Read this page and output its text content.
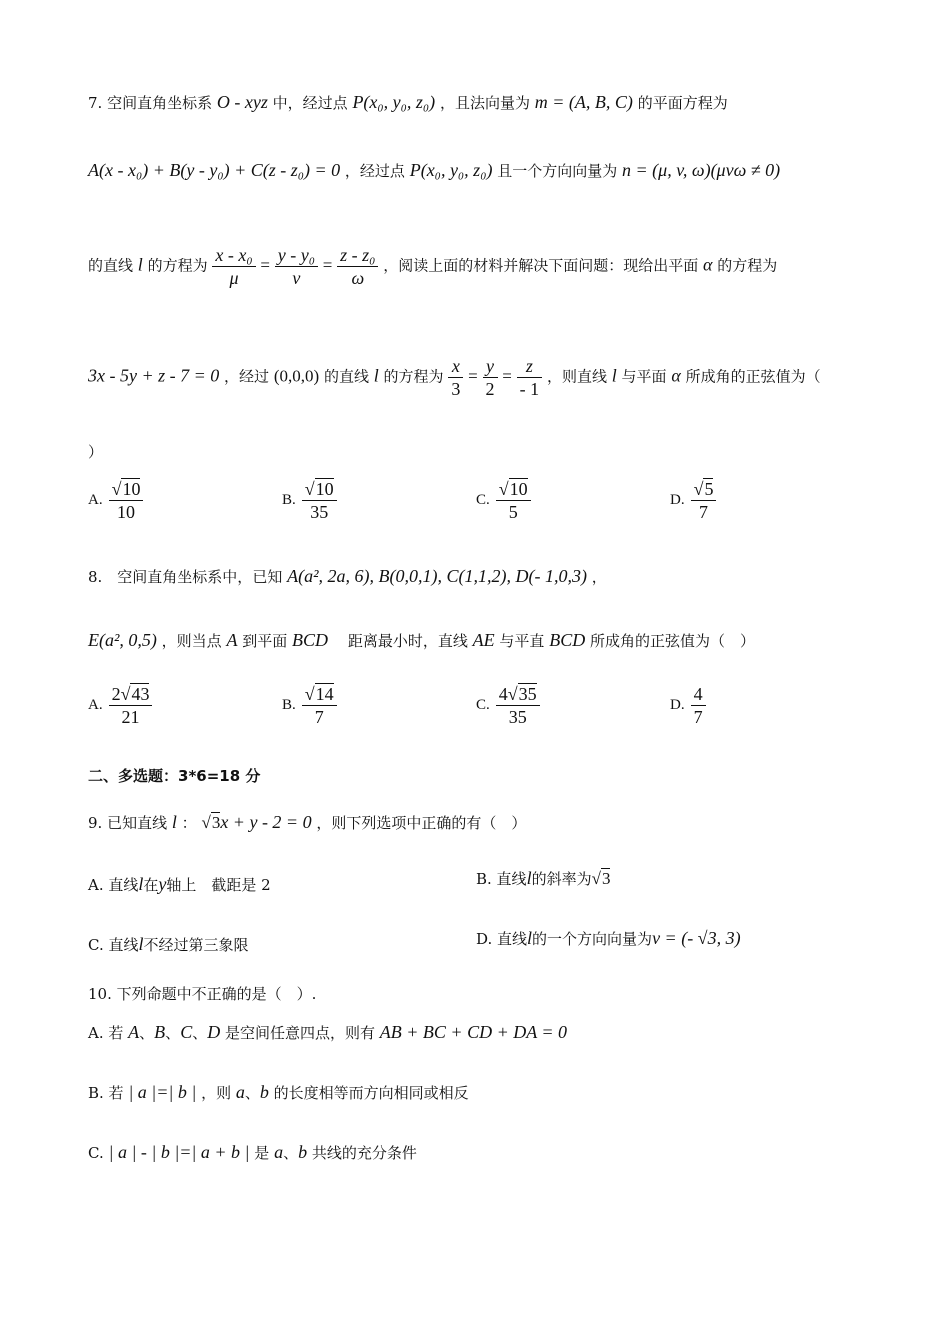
7. 空间直角坐标系 O - xyz 中，经过点 P(x₀, y₀, z₀) ，且法向量为 m = (A, B, C) 的平面方程为
A(x - x₀) + B(y - y₀) + C(z - z₀) = 0 ，经过点 P(x₀, y₀, z₀) 且一个方向向量为 n = (μ, v, ω)(μvω ≠ 0)
的直线 l 的方程为 $\frac{\text{x - x₀}}{\mu} = \frac{\text{y - y₀}}{v} = \frac{\text{z - z₀}}{\omega}$ ，阅读上面的材料并解决下面问题：现给出平面 α 的方程为
3x - 5y + z - 7 = 0 ，经过 (0,0,0) 的直线 l 的方程为 $\frac{x}{3} = \frac{y}{2} = \frac{z}{- 1}$ ，则直线 l 与平面 α 所成角的正弦值为（
）
A. $\frac{√10}{10}$	B. $\frac{√10}{35}$	C. $\frac{√10}{5}$	D. $\frac{√5}{7}$
8.　空间直角坐标系中，已知 A(a², 2a, 6), B(0,0,1), C(1,1,2), D(- 1,0,3) ，
E(a², 0,5) ，则当点 A 到平面 BCD 　距离最小时，直线 AE 与平直 BCD 所成角的正弦值为（　）
A. $\frac{2√43}{21}$	B. $\frac{√14}{7}$	C. $\frac{4√35}{35}$	D. $\frac{4}{7}$
二、多选题：3*6=18 分
9. 已知直线 l ： √3x + y - 2 = 0 ，则下列选项中正确的有（　）
A. 直线l在y轴上　截距是 2	B. 直线l的斜率为√3
C. 直线l不经过第三象限	D. 直线l的一个方向向量为v = (- √3, 3)
10. 下列命题中不正确的是（　）.
A. 若 A、B、C、D 是空间任意四点，则有 AB + BC + CD + DA = 0
B. 若 | a |=| b | ，则 a、b 的长度相等而方向相同或相反
C. | a | - | b |=| a + b | 是 a、b 共线的充分条件
